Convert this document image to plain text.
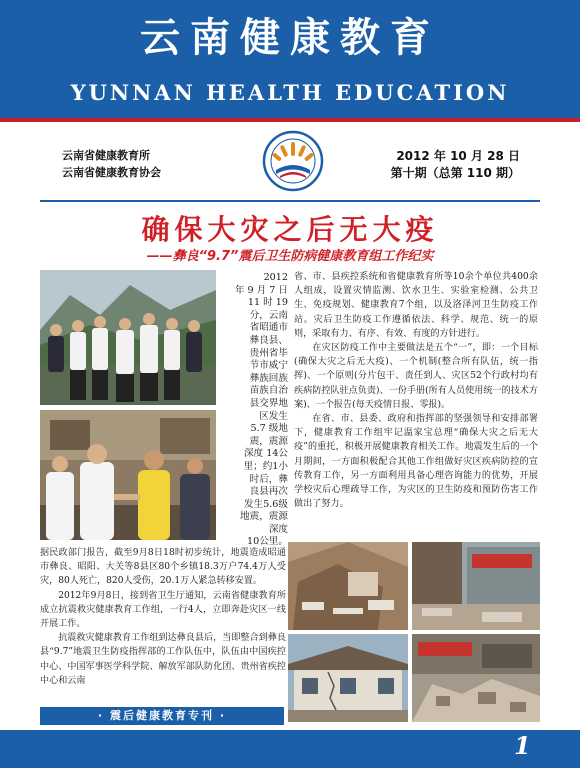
云南健康教育
YUNNAN HEALTH EDUCATION
云南省健康教育所
云南省健康教育协会
2012 年 10 月 28 日
第十期（总第 110 期）
确保大灾之后无大疫
——彝良“9.7”震后卫生防病健康教育组工作纪实
2012
年 9 月 7 日
11 时 19
分，云南
省昭通市
彝良县、
贵州省毕
节市威宁
彝族回族
苗族自治
县交界地
区发生
5.7 级地
震，震源
深度 14公
里；约1小
时后，彝
良县再次
发生5.6级
地震，震源
深度
10公里。
据民政部门报告，截至9月8日18时初步统计，地震造成昭通市彝良、昭阳、大关等8县区80个乡镇18.3万户74.4万人受灾，80人死亡，820人受伤，20.1万人紧急转移安置。
2012年9月8日，接到省卫生厅通知，云南省健康教育所成立抗震救灾健康教育工作组，一行4人，立即奔赴灾区一线开展工作。
抗震救灾健康教育工作组到达彝良县后，当即整合到彝良县“9.7”地震卫生防疫指挥部的工作队伍中，队伍由中国疾控中心、中国军事医学科学院、解放军部队防化团、贵州省疾控中心和云南
省、市、县疾控系统和省健康教育所等10余个单位共400余人组成，设置灾情监测、饮水卫生、实验室检测、公共卫生、免疫规划、健康教育7个组，以及洛泽河卫生防疫工作站。灾后卫生防疫工作遵循依法、科学、规范、统一的原则，采取有力、有序、有效、有度的方针进行。
在灾区防疫工作中主要做法是五个“一”，即：一个目标(确保大灾之后无大疫)、一个机制(整合所有队伍，统一指挥)、一个原则(分片包干、责任到人、灾区52个行政村均有疾病防控队驻点负责)、一份手册(所有人员使用统一的技术方案)、一个报告(每天疫情日报、零报)。
在省、市、县委、政府和指挥部的坚强领导和安排部署下，健康教育工作组牢记温家宝总理“确保大灾之后无大疫”的重托，积极开展健康教育相关工作。地震发生后的一个月期间，一方面积极配合其他工作组做好灾区疾病防控的宣传教育工作，另一方面利用具备心理咨询能力的优势，开展学校灾后心理疏导工作，为灾区的卫生防疫和预防伤害工作做出了努力。
· 震后健康教育专刊 ·
1
